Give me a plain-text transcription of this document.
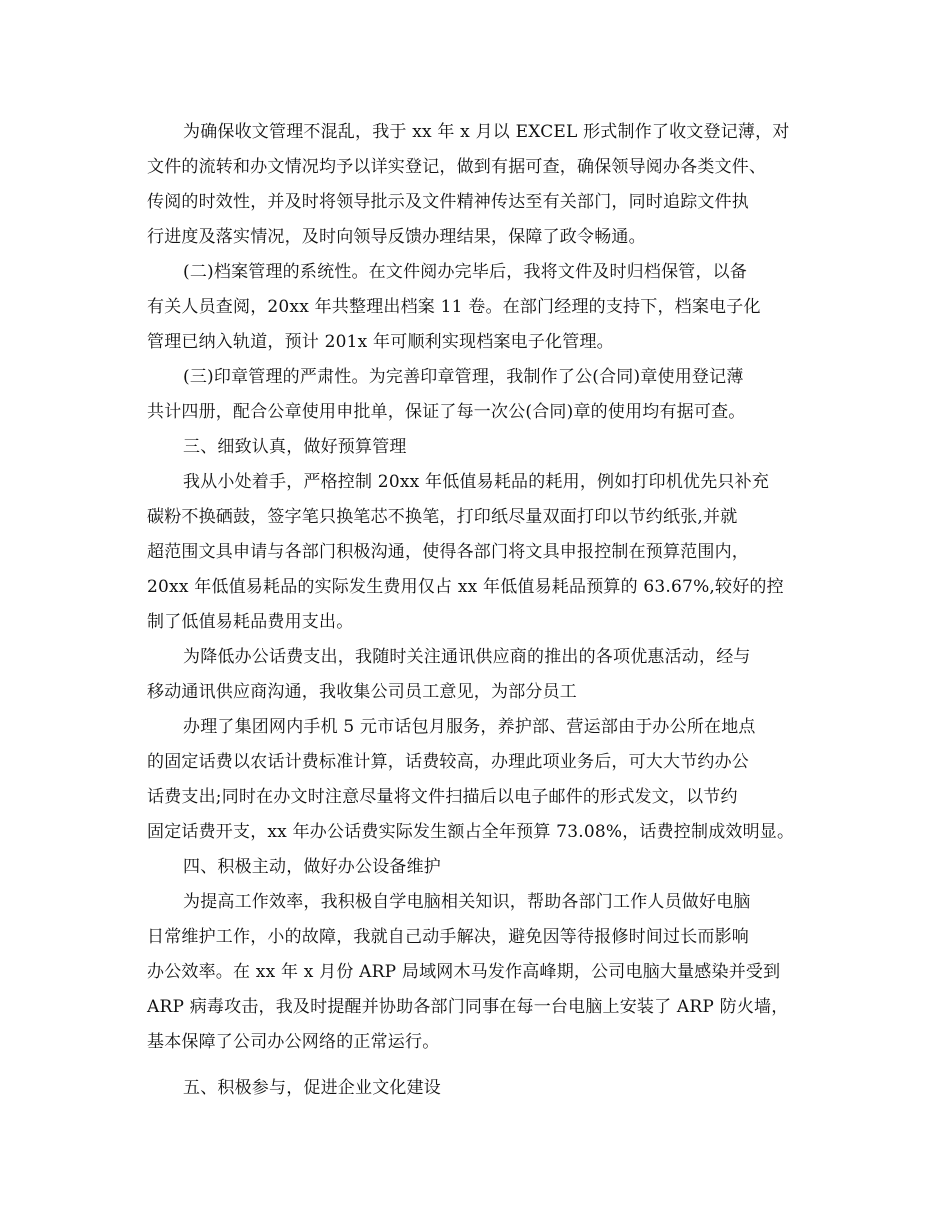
为确保收文管理不混乱，我于 xx 年 x 月以 EXCEL 形式制作了收文登记薄，对
文件的流转和办文情况均予以详实登记，做到有据可查，确保领导阅办各类文件、
传阅的时效性，并及时将领导批示及文件精神传达至有关部门，同时追踪文件执
行进度及落实情况，及时向领导反馈办理结果，保障了政令畅通。
(二)档案管理的系统性。在文件阅办完毕后，我将文件及时归档保管，以备
有关人员查阅，20xx 年共整理出档案 11 卷。在部门经理的支持下，档案电子化
管理已纳入轨道，预计 201x 年可顺利实现档案电子化管理。
(三)印章管理的严肃性。为完善印章管理，我制作了公(合同)章使用登记薄
共计四册，配合公章使用申批单，保证了每一次公(合同)章的使用均有据可查。
三、细致认真，做好预算管理
我从小处着手，严格控制 20xx 年低值易耗品的耗用，例如打印机优先只补充
碳粉不换硒鼓，签字笔只换笔芯不换笔，打印纸尽量双面打印以节约纸张,并就
超范围文具申请与各部门积极沟通，使得各部门将文具申报控制在预算范围内，
20xx 年低值易耗品的实际发生费用仅占 xx 年低值易耗品预算的 63.67%,较好的控
制了低值易耗品费用支出。
为降低办公话费支出，我随时关注通讯供应商的推出的各项优惠活动，经与
移动通讯供应商沟通，我收集公司员工意见，为部分员工
办理了集团网内手机 5 元市话包月服务，养护部、营运部由于办公所在地点
的固定话费以农话计费标准计算，话费较高，办理此项业务后，可大大节约办公
话费支出;同时在办文时注意尽量将文件扫描后以电子邮件的形式发文，以节约
固定话费开支，xx 年办公话费实际发生额占全年预算 73.08%，话费控制成效明显。
四、积极主动，做好办公设备维护
为提高工作效率，我积极自学电脑相关知识，帮助各部门工作人员做好电脑
日常维护工作，小的故障，我就自己动手解决，避免因等待报修时间过长而影响
办公效率。在 xx 年 x 月份 ARP 局域网木马发作高峰期，公司电脑大量感染并受到
ARP 病毒攻击，我及时提醒并协助各部门同事在每一台电脑上安装了 ARP 防火墙，
基本保障了公司办公网络的正常运行。
五、积极参与，促进企业文化建设
